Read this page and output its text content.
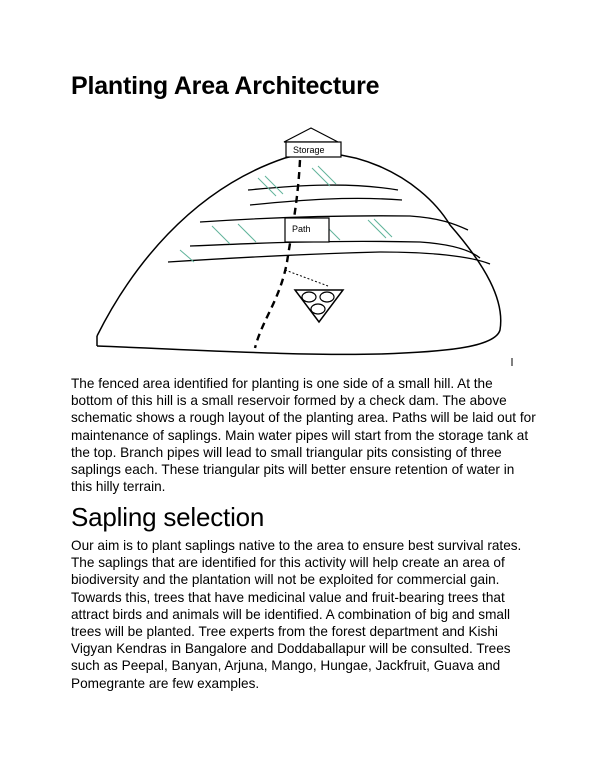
Planting Area Architecture
Storage
Path

The fenced area identified for planting is one side of a small hill. At the bottom of this hill is a small reservoir formed by a check dam. The above schematic shows a rough layout of the planting area. Paths will be laid out for maintenance of saplings. Main water pipes will start from the storage tank at the top. Branch pipes will lead to small triangular pits consisting of three saplings each. These triangular pits will better ensure retention of water in this hilly terrain.

Sapling selection

Our aim is to plant saplings native to the area to ensure best survival rates. The saplings that are identified for this activity will help create an area of biodiversity and the plantation will not be exploited for commercial gain. Towards this, trees that have medicinal value and fruit-bearing trees that attract birds and animals will be identified. A combination of big and small trees will be planted. Tree experts from the forest department and Kishi Vigyan Kendras in Bangalore and Doddaballapur will be consulted. Trees such as Peepal, Banyan, Arjuna, Mango, Hungae, Jackfruit, Guava and Pomegrante are few examples.
